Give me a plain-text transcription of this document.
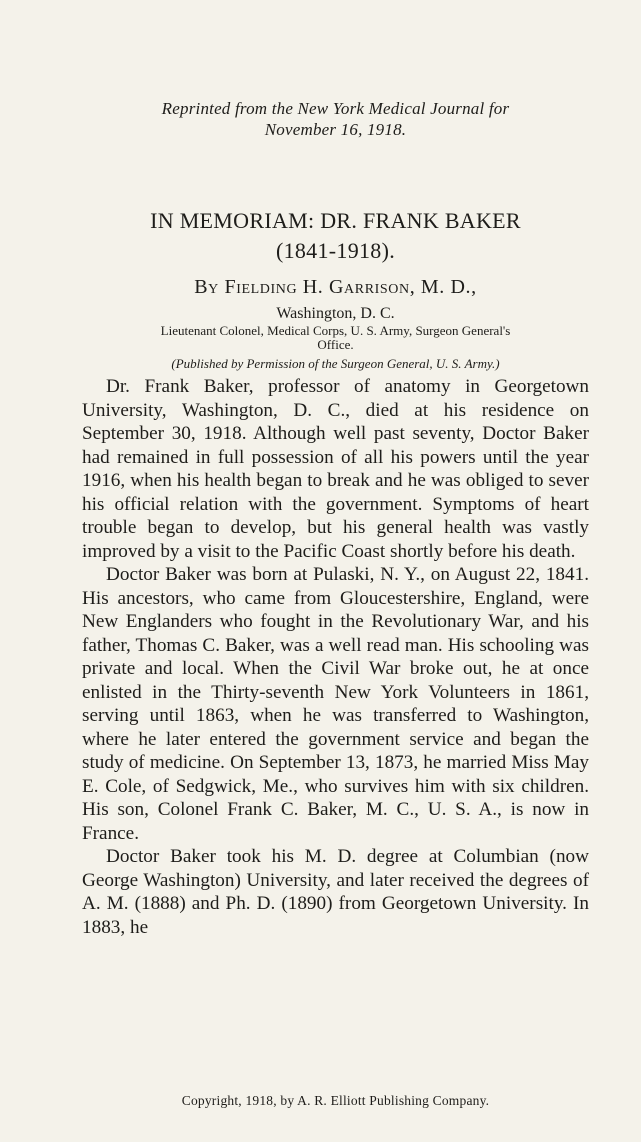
Reprinted from the New York Medical Journal for
November 16, 1918.
IN MEMORIAM: DR. FRANK BAKER
(1841-1918).
By Fielding H. Garrison, M. D.,
Washington, D. C.
Lieutenant Colonel, Medical Corps, U. S. Army, Surgeon General's
Office.
(Published by Permission of the Surgeon General, U. S. Army.)

Dr. Frank Baker, professor of anatomy in Georgetown University, Washington, D. C., died at his residence on September 30, 1918. Although well past seventy, Doctor Baker had remained in full possession of all his powers until the year 1916, when his health began to break and he was obliged to sever his official relation with the government. Symptoms of heart trouble began to develop, but his general health was vastly improved by a visit to the Pacific Coast shortly before his death.

Doctor Baker was born at Pulaski, N. Y., on August 22, 1841. His ancestors, who came from Gloucestershire, England, were New Englanders who fought in the Revolutionary War, and his father, Thomas C. Baker, was a well read man. His schooling was private and local. When the Civil War broke out, he at once enlisted in the Thirty-seventh New York Volunteers in 1861, serving until 1863, when he was transferred to Washington, where he later entered the government service and began the study of medicine. On September 13, 1873, he married Miss May E. Cole, of Sedgwick, Me., who survives him with six children. His son, Colonel Frank C. Baker, M. C., U. S. A., is now in France.

Doctor Baker took his M. D. degree at Columbian (now George Washington) University, and later received the degrees of A. M. (1888) and Ph. D. (1890) from Georgetown University. In 1883, he

Copyright, 1918, by A. R. Elliott Publishing Company.
